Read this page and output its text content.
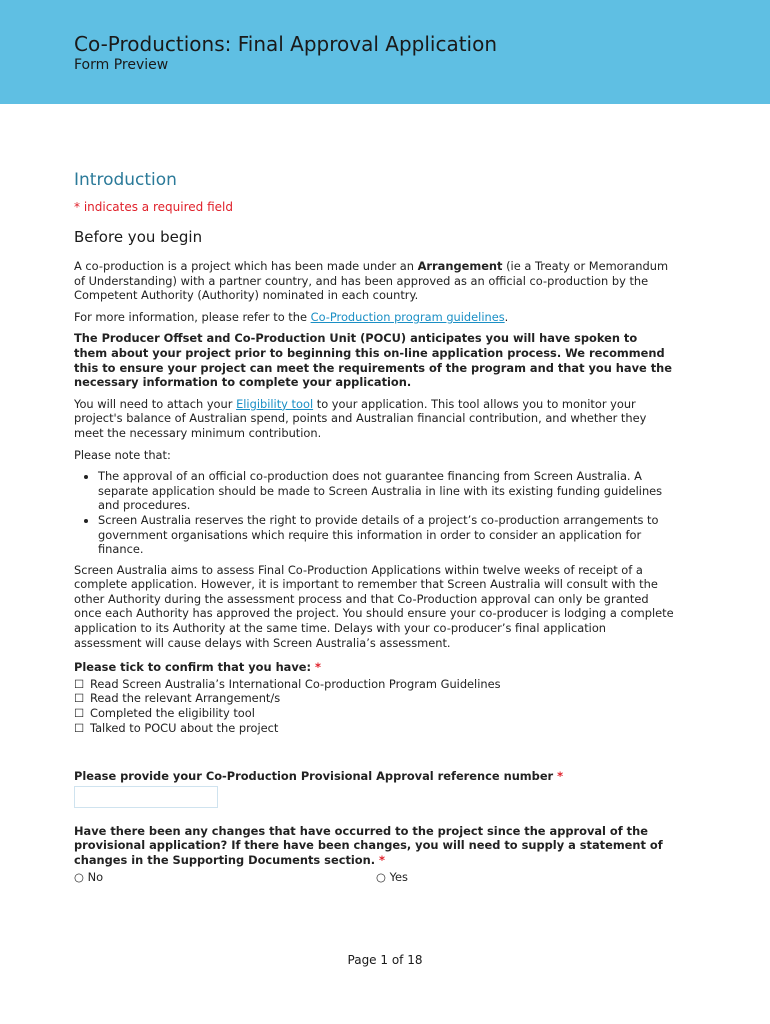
Co-Productions: Final Approval Application
Form Preview
Introduction
* indicates a required field
Before you begin

A co-production is a project which has been made under an Arrangement (ie a Treaty or Memorandum of Understanding) with a partner country, and has been approved as an official co-production by the Competent Authority (Authority) nominated in each country.

For more information, please refer to the Co-Production program guidelines.

The Producer Offset and Co-Production Unit (POCU) anticipates you will have spoken to them about your project prior to beginning this on-line application process. We recommend this to ensure your project can meet the requirements of the program and that you have the necessary information to complete your application.

You will need to attach your Eligibility tool to your application. This tool allows you to monitor your project's balance of Australian spend, points and Australian financial contribution, and whether they meet the necessary minimum contribution.

Please note that:

• The approval of an official co-production does not guarantee financing from Screen Australia. A separate application should be made to Screen Australia in line with its existing funding guidelines and procedures.
• Screen Australia reserves the right to provide details of a project’s co-production arrangements to government organisations which require this information in order to consider an application for finance.

Screen Australia aims to assess Final Co-Production Applications within twelve weeks of receipt of a complete application. However, it is important to remember that Screen Australia will consult with the other Authority during the assessment process and that Co-Production approval can only be granted once each Authority has approved the project. You should ensure your co-producer is lodging a complete application to its Authority at the same time. Delays with your co-producer’s final application assessment will cause delays with Screen Australia’s assessment.

Please tick to confirm that you have: *
☐ Read Screen Australia’s International Co-production Program Guidelines
☐ Read the relevant Arrangement/s
☐ Completed the eligibility tool
☐ Talked to POCU about the project
Please provide your Co-Production Provisional Approval reference number *
Have there been any changes that have occurred to the project since the approval of the provisional application? If there have been changes, you will need to supply a statement of changes in the Supporting Documents section. *
○ No	○ Yes
Page 1 of 18
